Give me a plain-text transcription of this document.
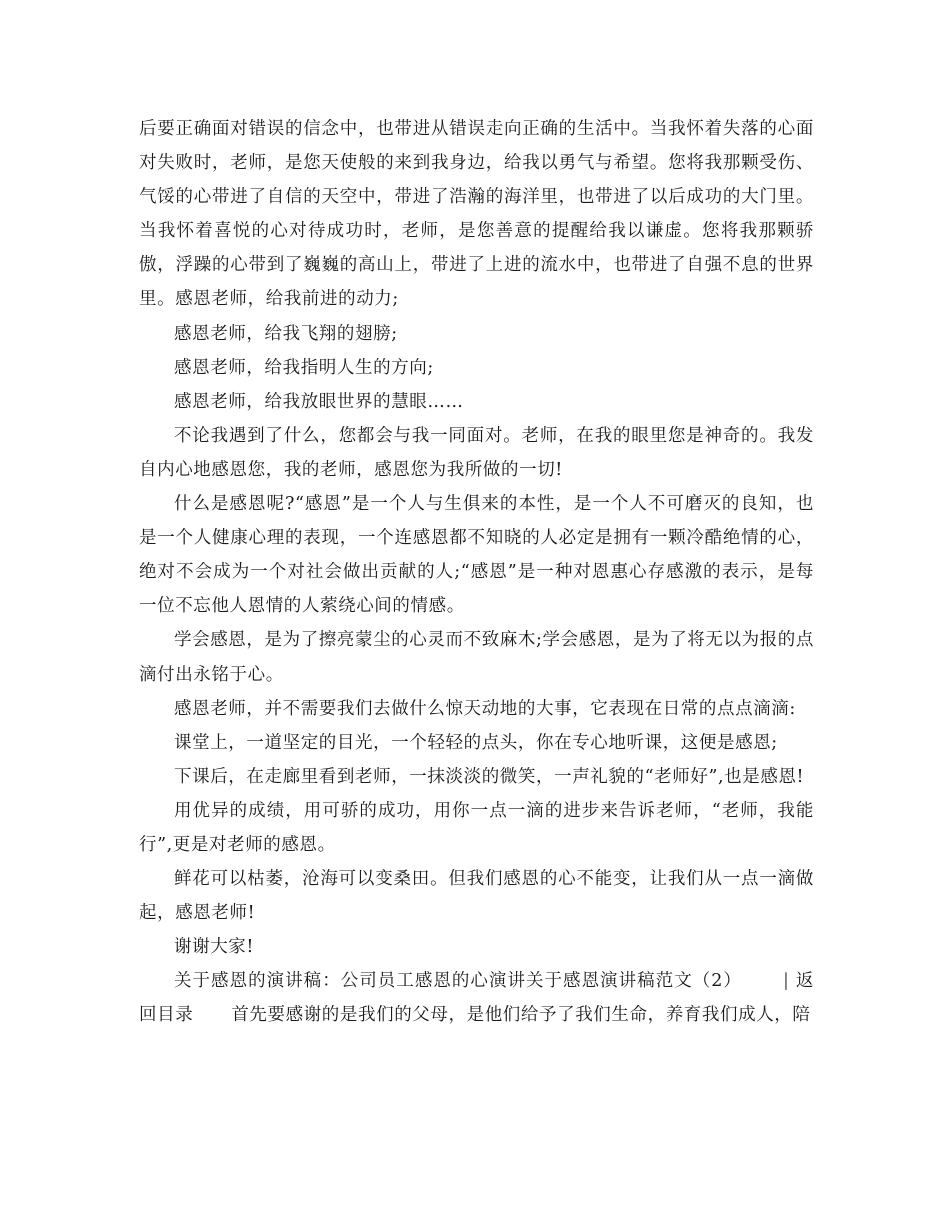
后要正确面对错误的信念中，也带进从错误走向正确的生活中。当我怀着失落的心面对失败时，老师，是您天使般的来到我身边，给我以勇气与希望。您将我那颗受伤、气馁的心带进了自信的天空中，带进了浩瀚的海洋里，也带进了以后成功的大门里。当我怀着喜悦的心对待成功时，老师，是您善意的提醒给我以谦虚。您将我那颗骄傲，浮躁的心带到了巍巍的高山上，带进了上进的流水中，也带进了自强不息的世界里。感恩老师，给我前进的动力;

感恩老师，给我飞翔的翅膀;

感恩老师，给我指明人生的方向;

感恩老师，给我放眼世界的慧眼……

不论我遇到了什么，您都会与我一同面对。老师，在我的眼里您是神奇的。我发自内心地感恩您，我的老师，感恩您为我所做的一切!

什么是感恩呢?“感恩”是一个人与生俱来的本性，是一个人不可磨灭的良知，也是一个人健康心理的表现，一个连感恩都不知晓的人必定是拥有一颗冷酷绝情的心，绝对不会成为一个对社会做出贡献的人;“感恩”是一种对恩惠心存感激的表示，是每一位不忘他人恩情的人萦绕心间的情感。

学会感恩，是为了擦亮蒙尘的心灵而不致麻木;学会感恩，是为了将无以为报的点滴付出永铭于心。

感恩老师，并不需要我们去做什么惊天动地的大事，它表现在日常的点点滴滴:

课堂上，一道坚定的目光，一个轻轻的点头，你在专心地听课，这便是感恩;

下课后，在走廊里看到老师，一抹淡淡的微笑，一声礼貌的“老师好”,也是感恩!

用优异的成绩，用可骄的成功，用你一点一滴的进步来告诉老师，“老师，我能行”,更是对老师的感恩。

鲜花可以枯萎，沧海可以变桑田。但我们感恩的心不能变，让我们从一点一滴做起，感恩老师!

谢谢大家!

关于感恩的演讲稿：公司员工感恩的心演讲关于感恩演讲稿范文（2） | 返回目录 首先要感谢的是我们的父母，是他们给予了我们生命，养育我们成人，陪
